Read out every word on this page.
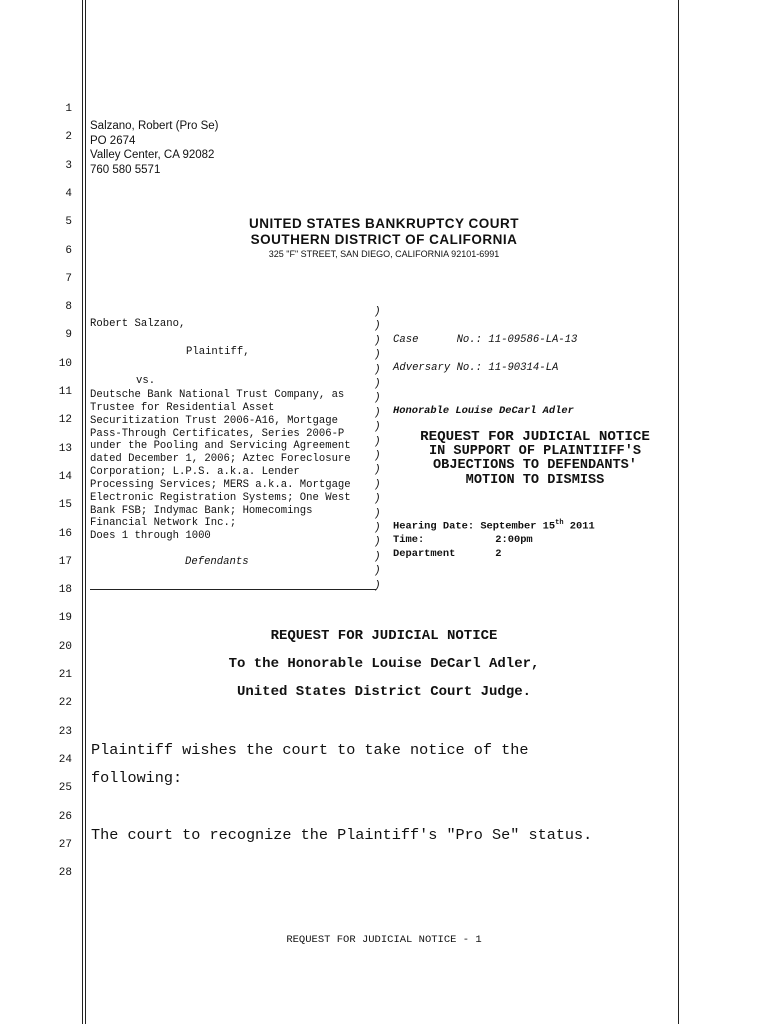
1
2
3
4
5
6
7
8
9
10
11
12
13
14
15
16
17
18
19
20
21
22
23
24
25
26
27
28
Salzano, Robert (Pro Se)
PO 2674
Valley Center, CA 92082
760 580 5571
UNITED STATES BANKRUPTCY COURT
SOUTHERN DISTRICT OF CALIFORNIA
325 "F" STREET, SAN DIEGO, CALIFORNIA 92101-6991
Robert Salzano,
Plaintiff,
vs.
Deutsche Bank National Trust Company, as
Trustee for Residential Asset
Securitization Trust 2006-A16, Mortgage
Pass-Through Certificates, Series 2006-P
under the Pooling and Servicing Agreement
dated December 1, 2006; Aztec Foreclosure
Corporation; L.P.S. a.k.a. Lender
Processing Services; MERS a.k.a. Mortgage
Electronic Registration Systems; One West
Bank FSB; Indymac Bank; Homecomings
Financial Network Inc.;
Does 1 through 1000
Defendants
)
)
)
)
)
)
)
)
)
)
)
)
)
)
)
)
)
)
)
)
Case      No.: 11-09586-LA-13
Adversary No.: 11-90314-LA
Honorable Louise DeCarl Adler
REQUEST FOR JUDICIAL NOTICE
IN SUPPORT OF PLAINTIIFF'S
OBJECTIONS TO DEFENDANTS'
MOTION TO DISMISS
Hearing Date: September 15th 2011
Time:	2:00pm
Department	2
REQUEST FOR JUDICIAL NOTICE
To the Honorable Louise DeCarl Adler,
United States District Court Judge.
Plaintiff wishes the court to take notice of the
following:
The court to recognize the Plaintiff's "Pro Se" status.
REQUEST FOR JUDICIAL NOTICE - 1
